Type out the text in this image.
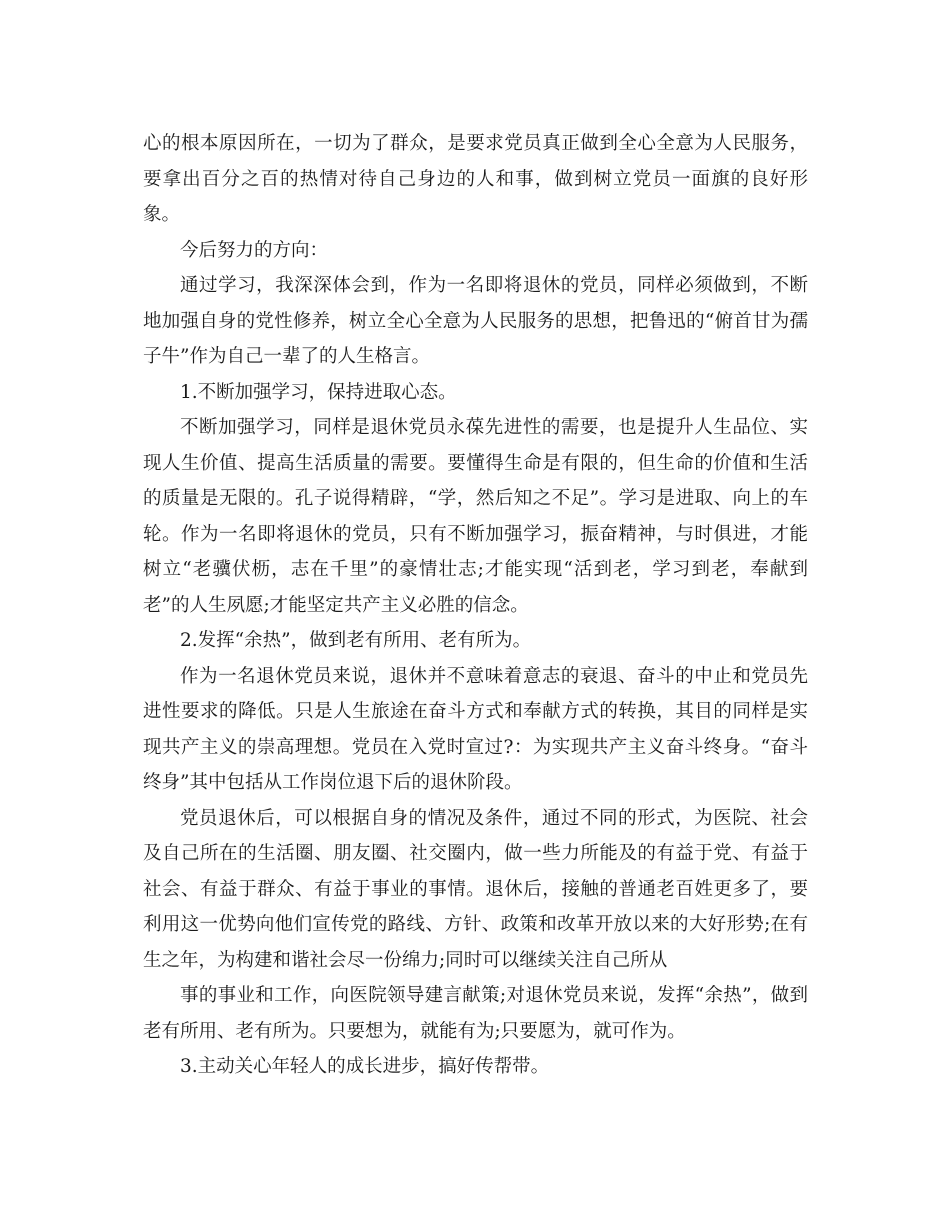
心的根本原因所在，一切为了群众，是要求党员真正做到全心全意为人民服务，要拿出百分之百的热情对待自己身边的人和事，做到树立党员一面旗的良好形象。

今后努力的方向：

通过学习，我深深体会到，作为一名即将退休的党员，同样必须做到，不断地加强自身的党性修养，树立全心全意为人民服务的思想，把鲁迅的“俯首甘为孺子牛”作为自己一辈了的人生格言。

1.不断加强学习，保持进取心态。

不断加强学习，同样是退休党员永葆先进性的需要，也是提升人生品位、实现人生价值、提高生活质量的需要。要懂得生命是有限的，但生命的价值和生活的质量是无限的。孔子说得精辟，“学，然后知之不足”。学习是进取、向上的车轮。作为一名即将退休的党员，只有不断加强学习，振奋精神，与时俱进，才能树立“老骥伏枥，志在千里”的豪情壮志;才能实现“活到老，学习到老，奉献到老”的人生夙愿;才能坚定共产主义必胜的信念。

2.发挥“余热”，做到老有所用、老有所为。

作为一名退休党员来说，退休并不意味着意志的衰退、奋斗的中止和党员先进性要求的降低。只是人生旅途在奋斗方式和奉献方式的转换，其目的同样是实现共产主义的崇高理想。党员在入党时宣过?：为实现共产主义奋斗终身。“奋斗终身”其中包括从工作岗位退下后的退休阶段。

党员退休后，可以根据自身的情况及条件，通过不同的形式，为医院、社会及自己所在的生活圈、朋友圈、社交圈内，做一些力所能及的有益于党、有益于社会、有益于群众、有益于事业的事情。退休后，接触的普通老百姓更多了，要利用这一优势向他们宣传党的路线、方针、政策和改革开放以来的大好形势;在有生之年，为构建和谐社会尽一份绵力;同时可以继续关注自己所从

事的事业和工作，向医院领导建言献策;对退休党员来说，发挥“余热”，做到老有所用、老有所为。只要想为，就能有为;只要愿为，就可作为。

3.主动关心年轻人的成长进步，搞好传帮带。
